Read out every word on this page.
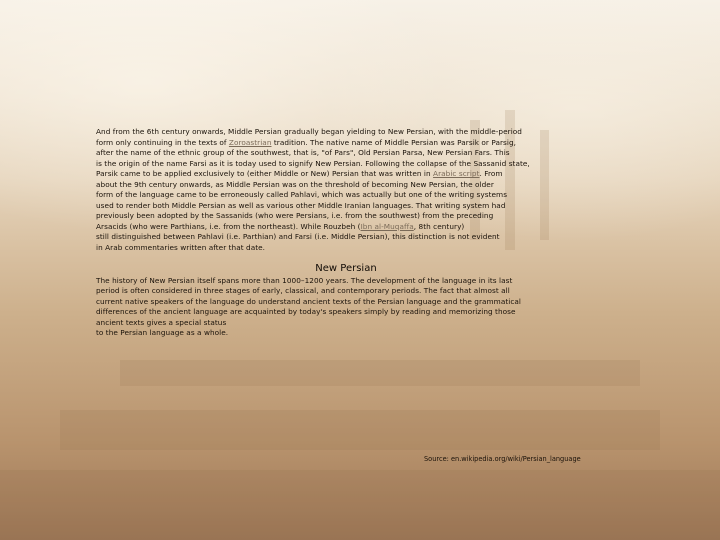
And from the 6th century onwards, Middle Persian gradually began yielding to New Persian, with the middle-period
form only continuing in the texts of Zoroastrian tradition. The native name of Middle Persian was Parsik or Parsig,
after the name of the ethnic group of the southwest, that is, "of Pars", Old Persian Parsa, New Persian Fars. This
is the origin of the name Farsi as it is today used to signify New Persian. Following the collapse of the Sassanid state,
Parsik came to be applied exclusively to (either Middle or New) Persian that was written in Arabic script. From
about the 9th century onwards, as Middle Persian was on the threshold of becoming New Persian, the older
form of the language came to be erroneously called Pahlavi, which was actually but one of the writing systems
used to render both Middle Persian as well as various other Middle Iranian languages. That writing system had
previously been adopted by the Sassanids (who were Persians, i.e. from the southwest) from the preceding
Arsacids (who were Parthians, i.e. from the northeast). While Rouzbeh (Ibn al-Muqaffa, 8th century)
still distinguished between Pahlavi (i.e. Parthian) and Farsi (i.e. Middle Persian), this distinction is not evident
in Arab commentaries written after that date.

New Persian

The history of New Persian itself spans more than 1000–1200 years. The development of the language in its last
period is often considered in three stages of early, classical, and contemporary periods. The fact that almost all
current native speakers of the language do understand ancient texts of the Persian language and the grammatical
differences of the ancient language are acquainted by today's speakers simply by reading and memorizing those
ancient texts gives a special status
to the Persian language as a whole.

Source: en.wikipedia.org/wiki/Persian_language
